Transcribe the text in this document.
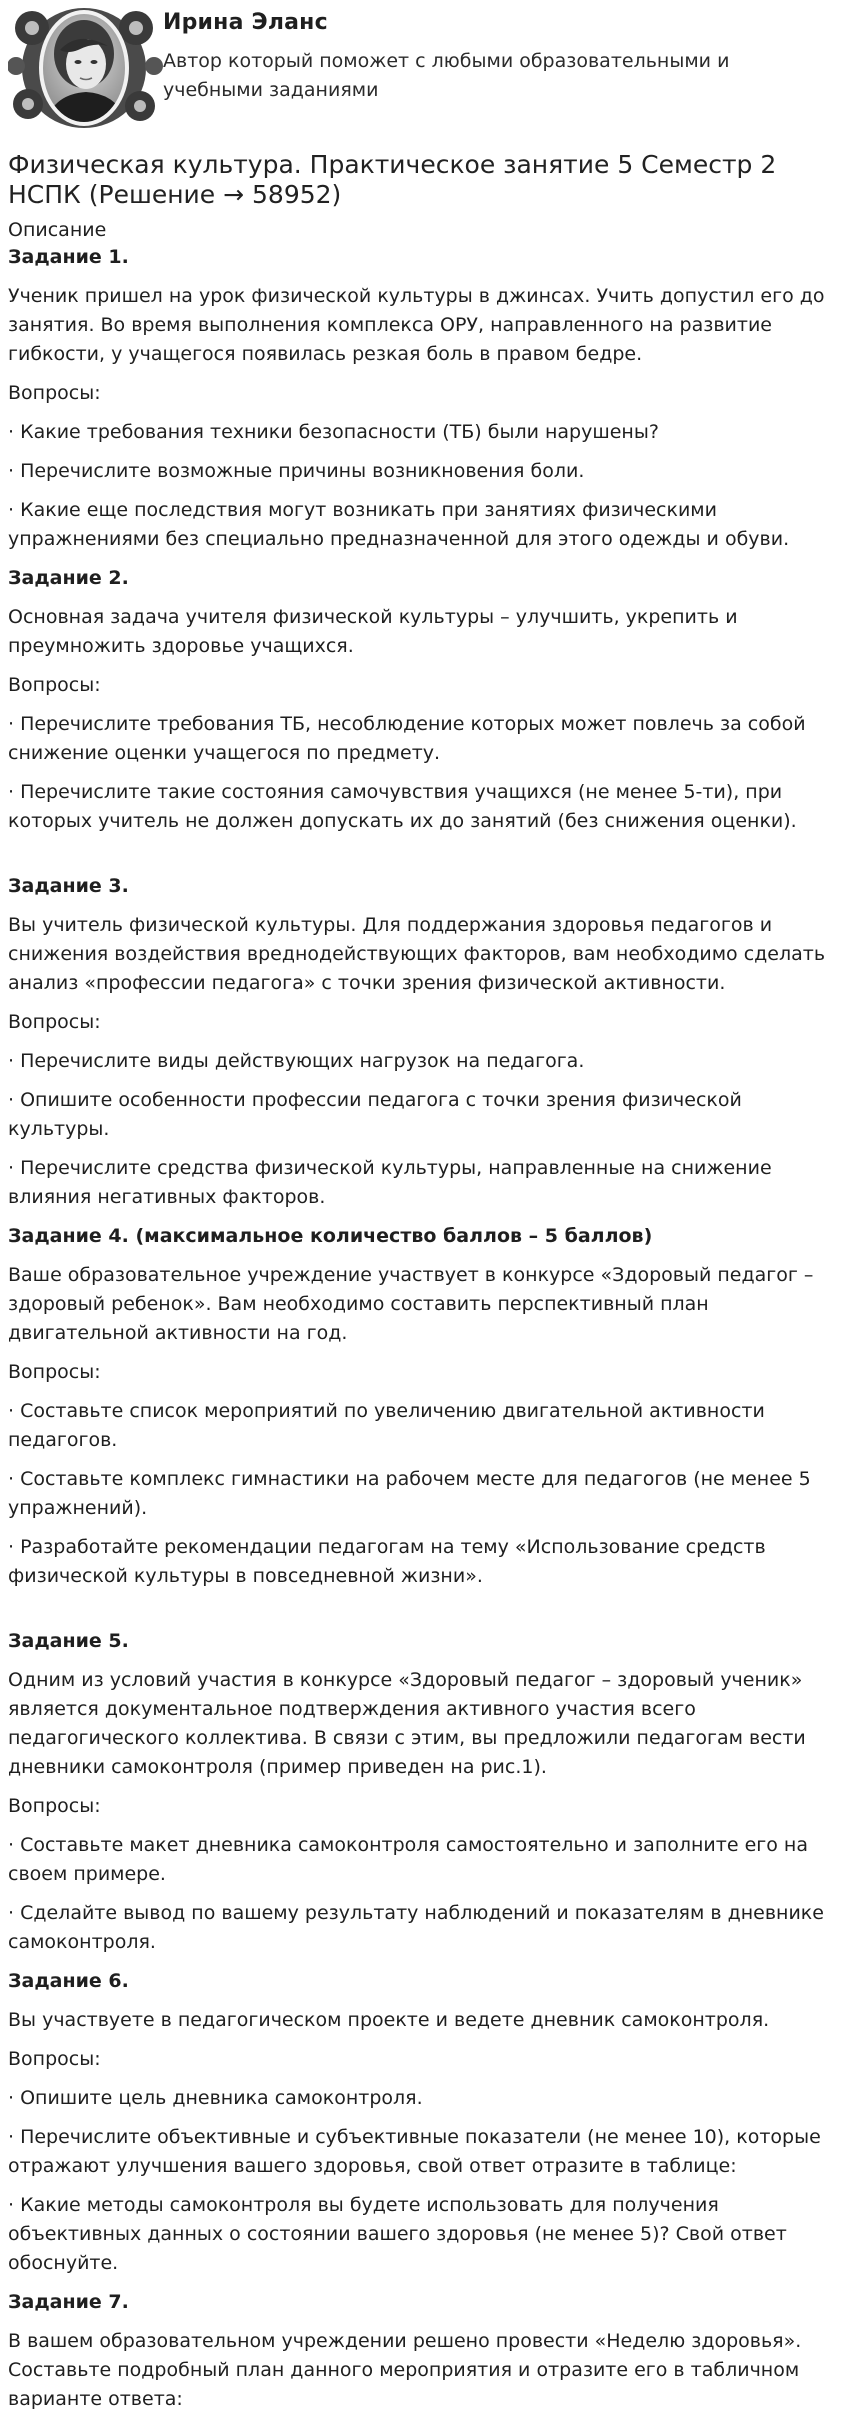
Ирина Эланс
Автор который поможет с любыми образовательными и учебными заданиями
Физическая культура. Практическое занятие 5 Семестр 2 НСПК (Решение → 58952)
Описание
Задание 1.

Ученик пришел на урок физической культуры в джинсах. Учить допустил его до занятия. Во время выполнения комплекса ОРУ, направленного на развитие гибкости, у учащегося появилась резкая боль в правом бедре.

Вопросы:

· Какие требования техники безопасности (ТБ) были нарушены?

· Перечислите возможные причины возникновения боли.

· Какие еще последствия могут возникать при занятиях физическими упражнениями без специально предназначенной для этого одежды и обуви.

Задание 2.

Основная задача учителя физической культуры – улучшить, укрепить и преумножить здоровье учащихся.

Вопросы:

· Перечислите требования ТБ, несоблюдение которых может повлечь за собой снижение оценки учащегося по предмету.

· Перечислите такие состояния самочувствия учащихся (не менее 5-ти), при которых учитель не должен допускать их до занятий (без снижения оценки).

Задание 3.

Вы учитель физической культуры. Для поддержания здоровья педагогов и снижения воздействия вреднодействующих факторов, вам необходимо сделать анализ «профессии педагога» с точки зрения физической активности.

Вопросы:

· Перечислите виды действующих нагрузок на педагога.

· Опишите особенности профессии педагога с точки зрения физической культуры.

· Перечислите средства физической культуры, направленные на снижение влияния негативных факторов.

Задание 4. (максимальное количество баллов – 5 баллов)

Ваше образовательное учреждение участвует в конкурсе «Здоровый педагог – здоровый ребенок». Вам необходимо составить перспективный план двигательной активности на год.

Вопросы:

· Составьте список мероприятий по увеличению двигательной активности педагогов.

· Составьте комплекс гимнастики на рабочем месте для педагогов (не менее 5 упражнений).

· Разработайте рекомендации педагогам на тему «Использование средств физической культуры в повседневной жизни».

Задание 5.

Одним из условий участия в конкурсе «Здоровый педагог – здоровый ученик» является документальное подтверждения активного участия всего педагогического коллектива. В связи с этим, вы предложили педагогам вести дневники самоконтроля (пример приведен на рис.1).

Вопросы:

· Составьте макет дневника самоконтроля самостоятельно и заполните его на своем примере.

· Сделайте вывод по вашему результату наблюдений и показателям в дневнике самоконтроля.

Задание 6.

Вы участвуете в педагогическом проекте и ведете дневник самоконтроля.

Вопросы:

· Опишите цель дневника самоконтроля.

· Перечислите объективные и субъективные показатели (не менее 10), которые отражают улучшения вашего здоровья, свой ответ отразите в таблице:

· Какие методы самоконтроля вы будете использовать для получения объективных данных о состоянии вашего здоровья (не менее 5)? Свой ответ обоснуйте.

Задание 7.

В вашем образовательном учреждении решено провести «Неделю здоровья». Составьте подробный план данного мероприятия и отразите его в табличном варианте ответа:
